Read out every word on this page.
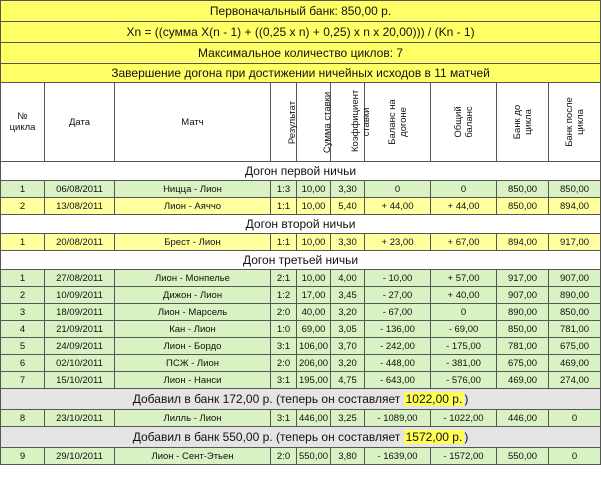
Первоначальный банк: 850,00 р.									
Xn = ((сумма X(n - 1) + ((0,25 x n) + 0,25) x n x 20,00))) / (Kn - 1)									
Максимальное количество циклов: 7									
Завершение догона при достижении ничейных исходов в 11 матчей									
№ цикла	Дата	Матч	Результат	Сумма ставки	Коэффициент ставки	Баланс на догоне	Общий баланс	Банк до цикла	Банк после цикла
Догон первой ничьи									
1	06/08/2011	Ницца - Лион	1:3	10,00	3,30	0	0	850,00	850,00
2	13/08/2011	Лион - Аяччо	1:1	10,00	5,40	+ 44,00	+ 44,00	850,00	894,00
Догон второй ничьи									
1	20/08/2011	Брест - Лион	1:1	10,00	3,30	+ 23,00	+ 67,00	894,00	917,00
Догон третьей ничьи									
1	27/08/2011	Лион - Монпелье	2:1	10,00	4,00	- 10,00	+ 57,00	917,00	907,00
2	10/09/2011	Дижон - Лион	1:2	17,00	3,45	- 27,00	+ 40,00	907,00	890,00
3	18/09/2011	Лион - Марсель	2:0	40,00	3,20	- 67,00	0	890,00	850,00
4	21/09/2011	Кан - Лион	1:0	69,00	3,05	- 136,00	- 69,00	850,00	781,00
5	24/09/2011	Лион - Бордо	3:1	106,00	3,70	- 242,00	- 175,00	781,00	675,00
6	02/10/2011	ПСЖ - Лион	2:0	206,00	3,20	- 448,00	- 381,00	675,00	469,00
7	15/10/2011	Лион - Нанси	3:1	195,00	4,75	- 643,00	- 576,00	469,00	274,00
Добавил в банк 172,00 р. (теперь он составляет 1022,00 р. )									
8	23/10/2011	Лилль - Лион	3:1	446,00	3,25	- 1089,00	- 1022,00	446,00	0
Добавил в банк 550,00 р. (теперь он составляет 1572,00 р. )									
9	29/10/2011	Лион - Сент-Этьен	2:0	550,00	3,80	- 1639,00	- 1572,00	550,00	0
